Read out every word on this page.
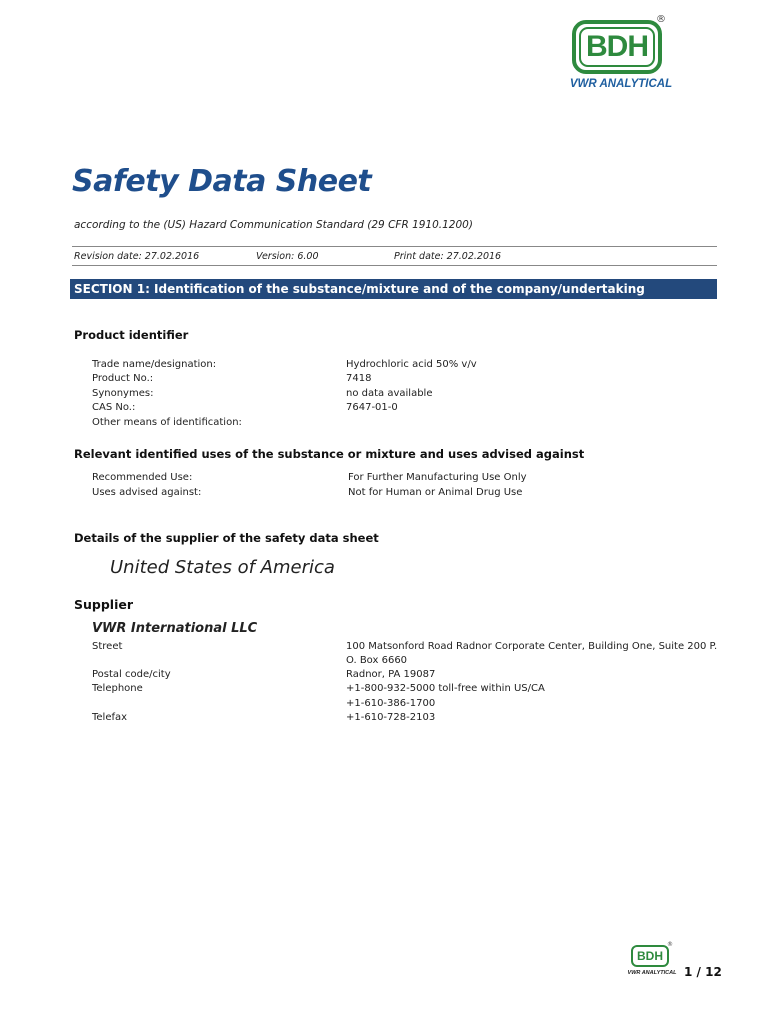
BDH
®
VWR ANALYTICAL
Safety Data Sheet
according to the (US) Hazard Communication Standard (29 CFR 1910.1200)
Revision date: 27.02.2016	Version: 6.00	Print date: 27.02.2016
SECTION 1: Identification of the substance/mixture and of the company/undertaking
Product identifier
Trade name/designation:	Hydrochloric acid 50% v/v
Product No.:	7418
Synonymes:	no data available
CAS No.:	7647-01-0
Other means of identification:
Relevant identified uses of the substance or mixture and uses advised against
Recommended Use:	For Further Manufacturing Use Only
Uses advised against:	Not for Human or Animal Drug Use
Details of the supplier of the safety data sheet
United States of America
Supplier
VWR International LLC
Street	100 Matsonford Road Radnor Corporate Center, Building One, Suite 200 P.
O. Box 6660
Postal code/city	Radnor, PA 19087
Telephone	+1-800-932-5000 toll-free within US/CA
+1-610-386-1700
Telefax	+1-610-728-2103
BDH
®
VWR ANALYTICAL 1 / 12
